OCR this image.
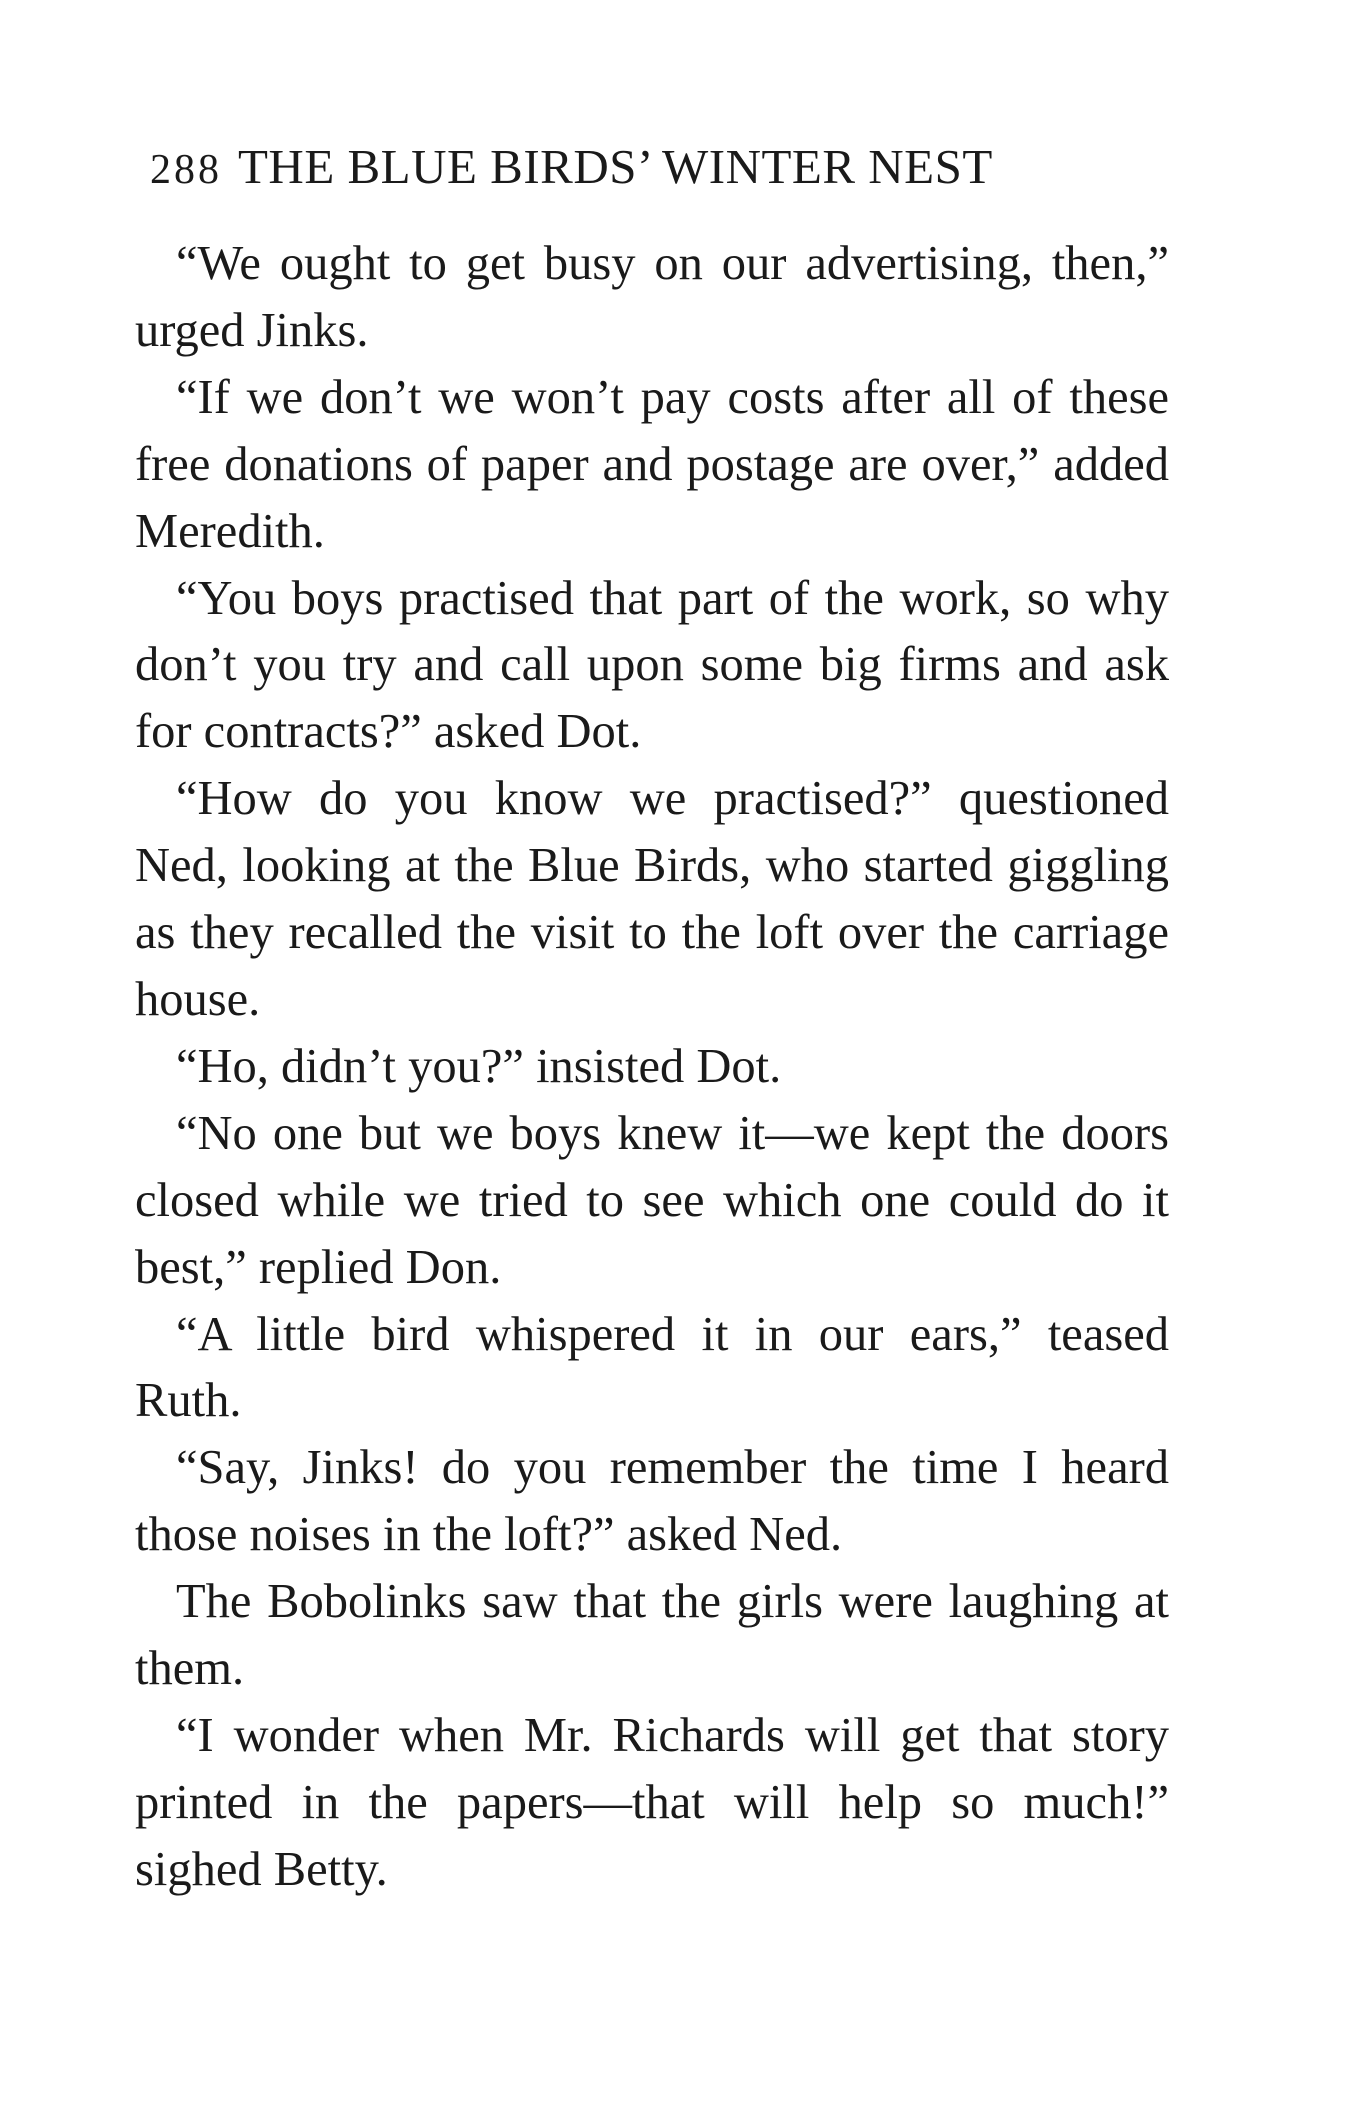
288 THE BLUE BIRDS’ WINTER NEST

“We ought to get busy on our advertising, then,” urged Jinks.

“If we don’t we won’t pay costs after all of these free donations of paper and postage are over,” added Meredith.

“You boys practised that part of the work, so why don’t you try and call upon some big firms and ask for contracts?” asked Dot.

“How do you know we practised?” questioned Ned, looking at the Blue Birds, who started giggling as they recalled the visit to the loft over the carriage house.

“Ho, didn’t you?” insisted Dot.

“No one but we boys knew it—we kept the doors closed while we tried to see which one could do it best,” replied Don.

“A little bird whispered it in our ears,” teased Ruth.

“Say, Jinks! do you remember the time I heard those noises in the loft?” asked Ned.

The Bobolinks saw that the girls were laughing at them.

“I wonder when Mr. Richards will get that story printed in the papers—that will help so much!” sighed Betty.
